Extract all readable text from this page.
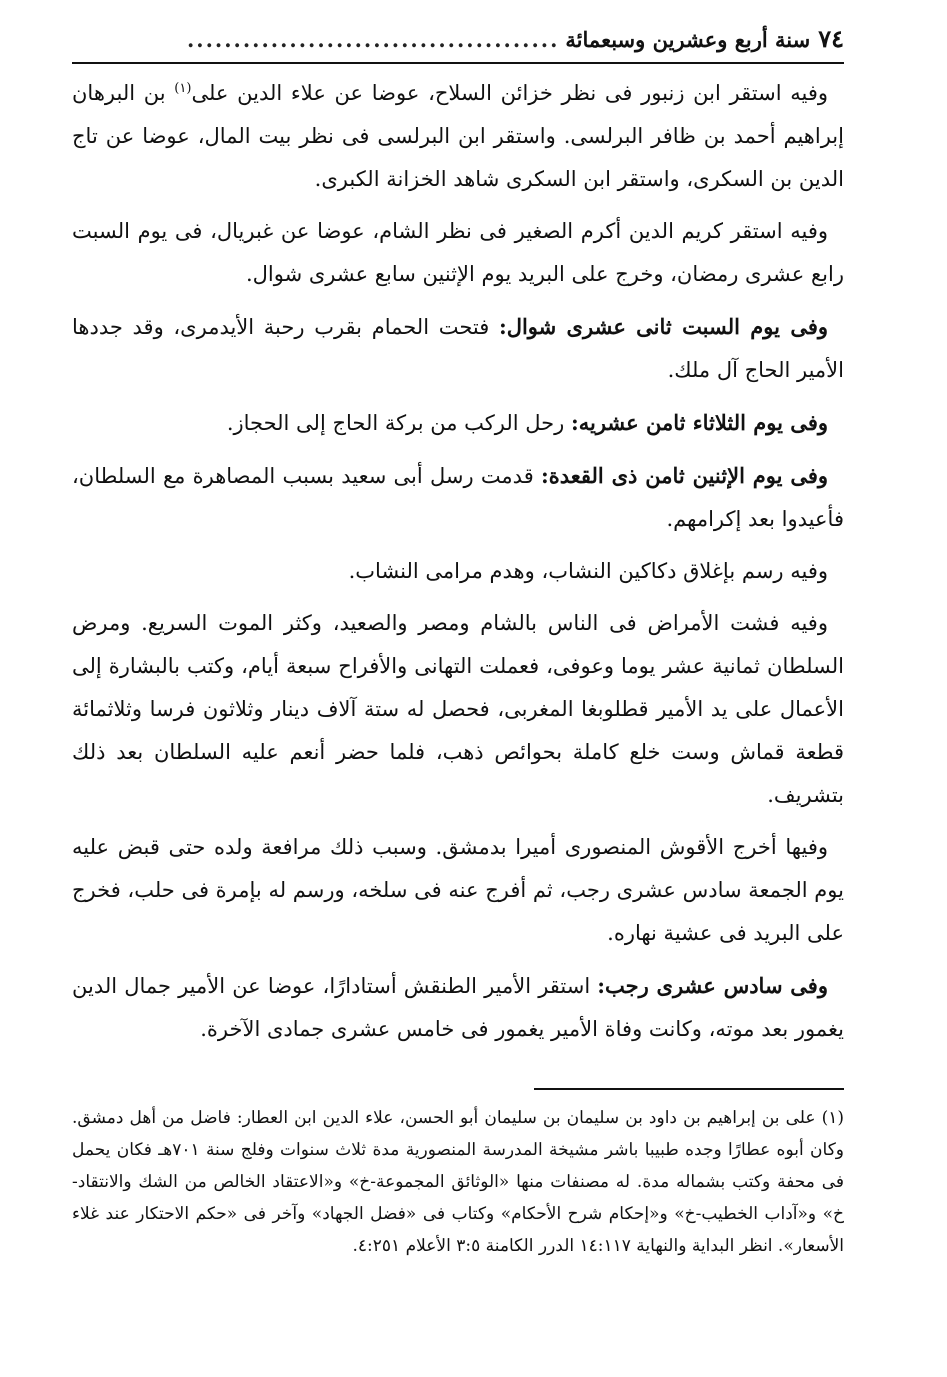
٧٤
سنة أربع وعشرين وسبعمائة
........................................

وفيه استقر ابن زنبور فى نظر خزائن السلاح، عوضا عن علاء الدين على$^{(١)}$ بن البرهان إبراهيم أحمد بن ظافر البرلسى. واستقر ابن البرلسى فى نظر بيت المال، عوضا عن تاج الدين بن السكرى، واستقر ابن السكرى شاهد الخزانة الكبرى.

وفيه استقر كريم الدين أكرم الصغير فى نظر الشام، عوضا عن غبريال، فى يوم السبت رابع عشرى رمضان، وخرج على البريد يوم الإثنين سابع عشرى شوال.

وفى يوم السبت ثانى عشرى شوال: فتحت الحمام بقرب رحبة الأيدمرى، وقد جددها الأمير الحاج آل ملك.

وفى يوم الثلاثاء ثامن عشريه: رحل الركب من بركة الحاج إلى الحجاز.

وفى يوم الإثنين ثامن ذى القعدة: قدمت رسل أبى سعيد بسبب المصاهرة مع السلطان، فأعيدوا بعد إكرامهم.

وفيه رسم بإغلاق دكاكين النشاب، وهدم مرامى النشاب.

وفيه فشت الأمراض فى الناس بالشام ومصر والصعيد، وكثر الموت السريع. ومرض السلطان ثمانية عشر يوما وعوفى، فعملت التهانى والأفراح سبعة أيام، وكتب بالبشارة إلى الأعمال على يد الأمير قطلوبغا المغربى، فحصل له ستة آلاف دينار وثلاثون فرسا وثلاثمائة قطعة قماش وست خلع كاملة بحوائص ذهب، فلما حضر أنعم عليه السلطان بعد ذلك بتشريف.

وفيها أخرج الأقوش المنصورى أميرا بدمشق. وسبب ذلك مرافعة ولده حتى قبض عليه يوم الجمعة سادس عشرى رجب، ثم أفرج عنه فى سلخه، ورسم له بإمرة فى حلب، فخرج على البريد فى عشية نهاره.

وفى سادس عشرى رجب: استقر الأمير الطنقش أستادارًا، عوضا عن الأمير جمال الدين يغمور بعد موته، وكانت وفاة الأمير يغمور فى خامس عشرى جمادى الآخرة.

(١) على بن إبراهيم بن داود بن سليمان بن سليمان أبو الحسن، علاء الدين ابن العطار: فاضل من أهل دمشق. وكان أبوه عطارًا وجده طبيبا باشر مشيخة المدرسة المنصورية مدة ثلاث سنوات وفلج سنة ٧٠١هـ فكان يحمل فى محفة وكتب بشماله مدة. له مصنفات منها «الوثائق المجموعة-خ» و«الاعتقاد الخالص من الشك والانتقاد-خ» و«آداب الخطيب-خ» و«إحكام شرح الأحكام» وكتاب فى «فضل الجهاد» وآخر فى «حكم الاحتكار عند غلاء الأسعار». انظر البداية والنهاية ١٤:١١٧ الدرر الكامنة ٣:٥ الأعلام ٤:٢٥١.
